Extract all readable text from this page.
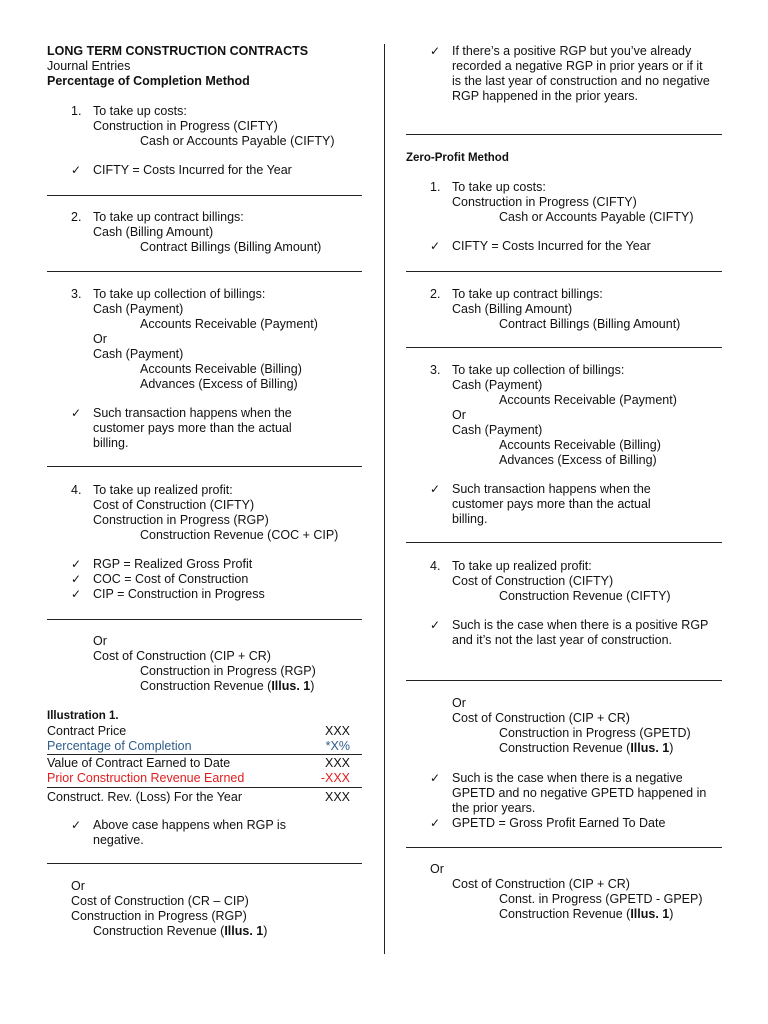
LONG TERM CONSTRUCTION CONTRACTS
Journal Entries
Percentage of Completion Method
1. To take up costs:
Construction in Progress (CIFTY)
Cash or Accounts Payable (CIFTY)
✓ CIFTY = Costs Incurred for the Year
2. To take up contract billings:
Cash (Billing Amount)
Contract Billings (Billing Amount)
3. To take up collection of billings:
Cash (Payment)
Accounts Receivable (Payment)
Or
Cash (Payment)
Accounts Receivable (Billing)
Advances (Excess of Billing)
✓ Such transaction happens when the customer pays more than the actual billing.
4. To take up realized profit:
Cost of Construction (CIFTY)
Construction in Progress (RGP)
Construction Revenue (COC + CIP)
✓ RGP = Realized Gross Profit
✓ COC = Cost of Construction
✓ CIP = Construction in Progress
Or
Cost of Construction (CIP + CR)
Construction in Progress (RGP)
Construction Revenue (Illus. 1)
Illustration 1.
Contract Price	XXX
Percentage of Completion	*X%
Value of Contract Earned to Date	XXX
Prior Construction Revenue Earned	-XXX
Construct. Rev. (Loss) For the Year	XXX
✓ Above case happens when RGP is negative.
Or
Cost of Construction (CR – CIP)
Construction in Progress (RGP)
Construction Revenue (Illus. 1)
✓ If there’s a positive RGP but you’ve already recorded a negative RGP in prior years or if it is the last year of construction and no negative RGP happened in the prior years.
Zero-Profit Method
1. To take up costs:
Construction in Progress (CIFTY)
Cash or Accounts Payable (CIFTY)
✓ CIFTY = Costs Incurred for the Year
2. To take up contract billings:
Cash (Billing Amount)
Contract Billings (Billing Amount)
3. To take up collection of billings:
Cash (Payment)
Accounts Receivable (Payment)
Or
Cash (Payment)
Accounts Receivable (Billing)
Advances (Excess of Billing)
✓ Such transaction happens when the customer pays more than the actual billing.
4. To take up realized profit:
Cost of Construction (CIFTY)
Construction Revenue (CIFTY)
✓ Such is the case when there is a positive RGP and it’s not the last year of construction.
Or
Cost of Construction (CIP + CR)
Construction in Progress (GPETD)
Construction Revenue (Illus. 1)
✓ Such is the case when there is a negative GPETD and no negative GPETD happened in the prior years.
✓ GPETD = Gross Profit Earned To Date
Or
Cost of Construction (CIP + CR)
Const. in Progress (GPETD - GPEP)
Construction Revenue (Illus. 1)
